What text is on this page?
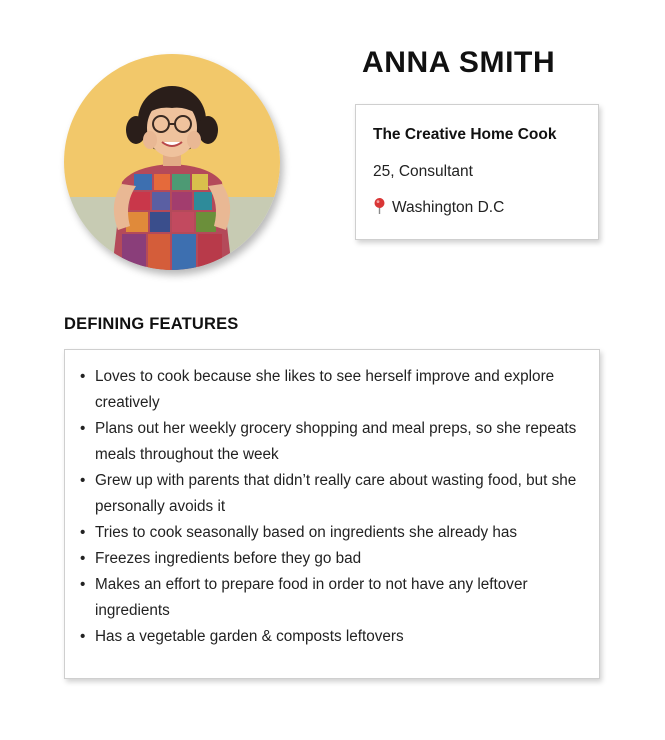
ANNA SMITH
The Creative Home Cook
25, Consultant
Washington D.C
DEFINING FEATURES
• Loves to cook because she likes to see herself improve and explore creatively
• Plans out her weekly grocery shopping and meal preps, so she repeats meals throughout the week
• Grew up with parents that didn’t really care about wasting food, but she personally avoids it
• Tries to cook seasonally based on ingredients she already has
• Freezes ingredients before they go bad
• Makes an effort to prepare food in order to not have any leftover ingredients
• Has a vegetable garden & composts leftovers
